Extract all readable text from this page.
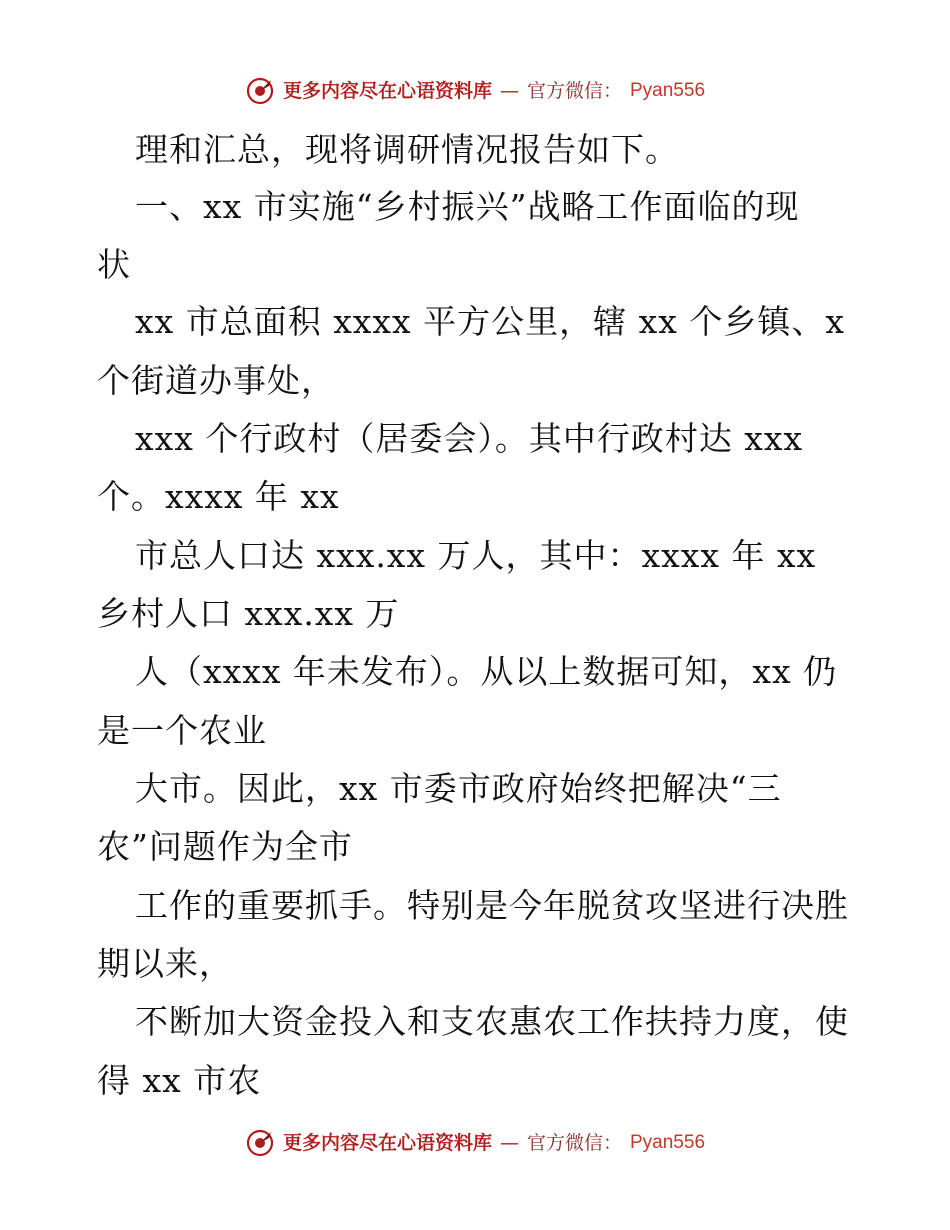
更多内容尽在心语资料库 — 官方微信： Pyan556
理和汇总，现将调研情况报告如下。
一、xx 市实施“乡村振兴”战略工作面临的现
状
xx 市总面积 xxxx 平方公里，辖 xx 个乡镇、x
个街道办事处，
xxx 个行政村（居委会）。其中行政村达 xxx
个。xxxx 年 xx
市总人口达 xxx.xx 万人，其中：xxxx 年 xx
乡村人口 xxx.xx 万
人（xxxx 年未发布）。从以上数据可知，xx 仍
是一个农业
大市。因此，xx 市委市政府始终把解决“三
农”问题作为全市
工作的重要抓手。特别是今年脱贫攻坚进行决胜
期以来，
不断加大资金投入和支农惠农工作扶持力度，使
得 xx 市农
更多内容尽在心语资料库 — 官方微信： Pyan556
